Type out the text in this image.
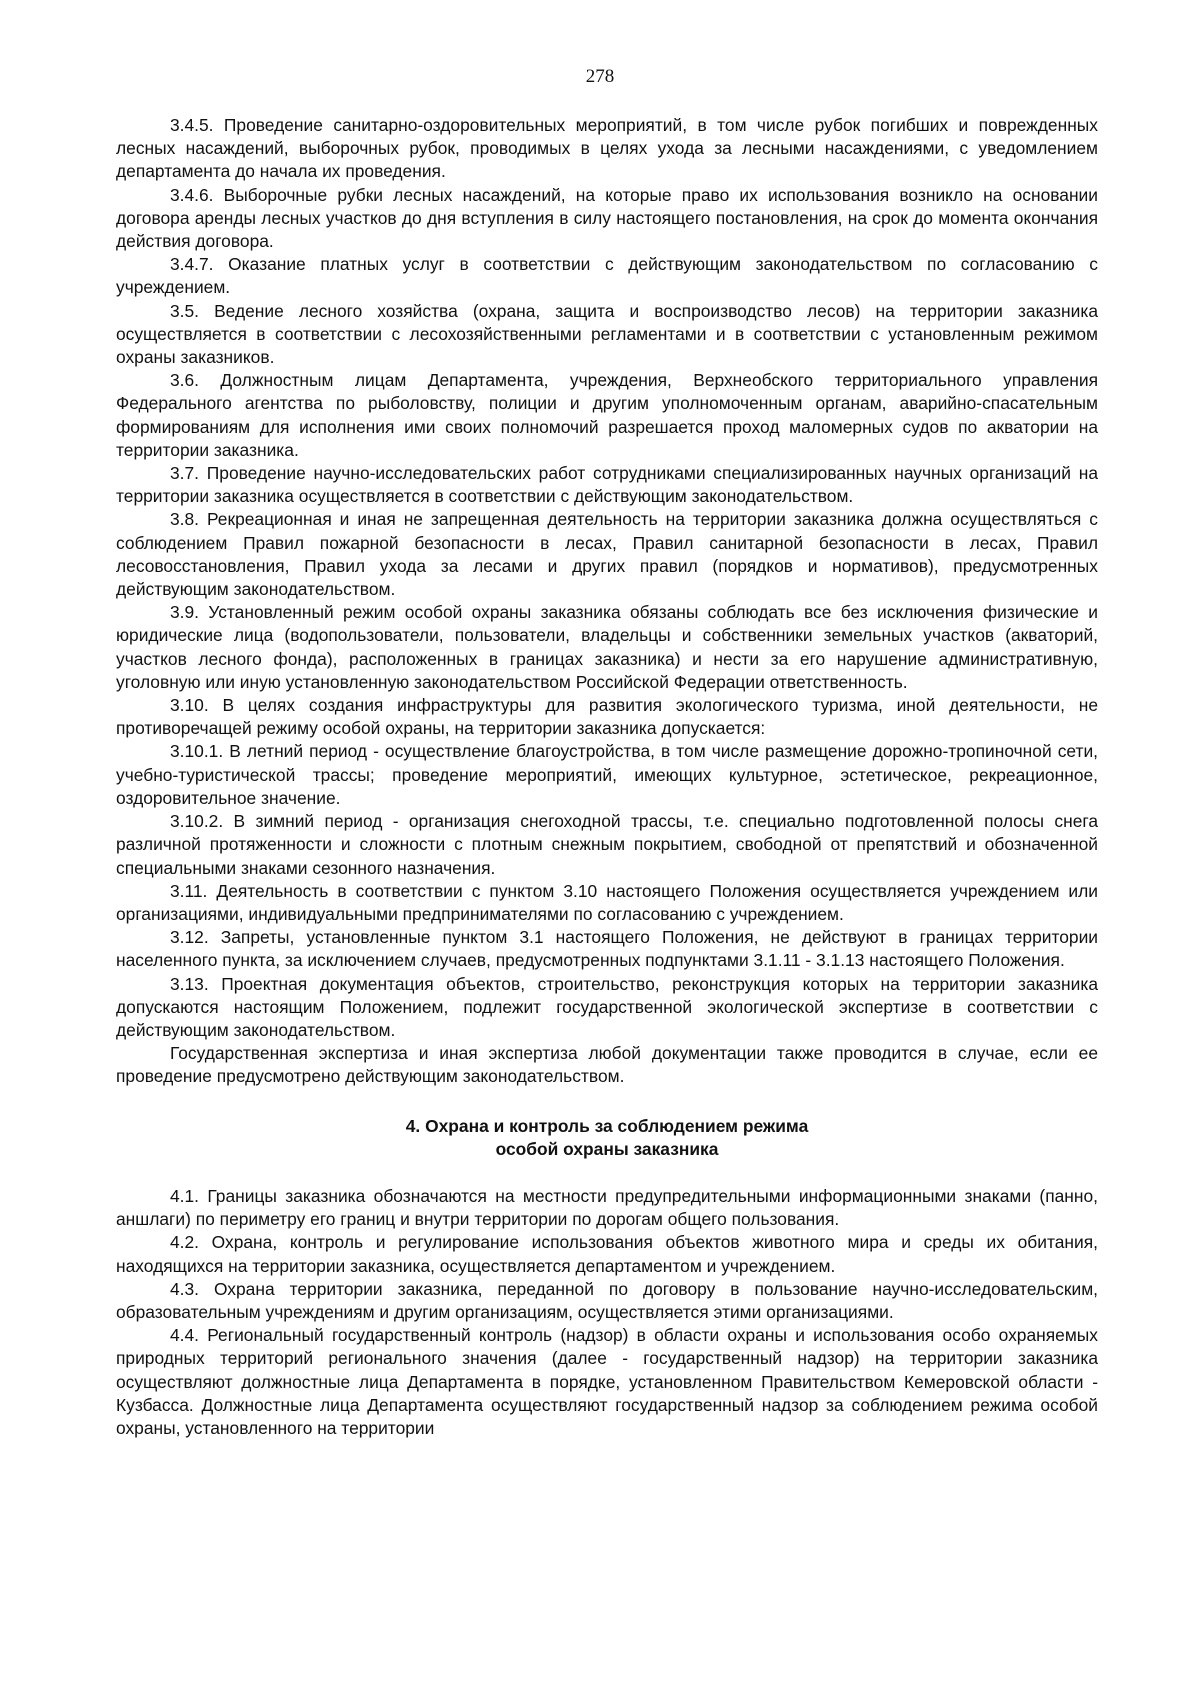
278

3.4.5. Проведение санитарно-оздоровительных мероприятий, в том числе рубок погибших и поврежденных лесных насаждений, выборочных рубок, проводимых в целях ухода за лесными насаждениями, с уведомлением департамента до начала их проведения.

3.4.6. Выборочные рубки лесных насаждений, на которые право их использования возникло на основании договора аренды лесных участков до дня вступления в силу настоящего постановления, на срок до момента окончания действия договора.

3.4.7. Оказание платных услуг в соответствии с действующим законодательством по согласованию с учреждением.

3.5. Ведение лесного хозяйства (охрана, защита и воспроизводство лесов) на территории заказника осуществляется в соответствии с лесохозяйственными регламентами и в соответствии с установленным режимом охраны заказников.

3.6. Должностным лицам Департамента, учреждения, Верхнеобского территориального управления Федерального агентства по рыболовству, полиции и другим уполномоченным органам, аварийно-спасательным формированиям для исполнения ими своих полномочий разрешается проход маломерных судов по акватории на территории заказника.

3.7. Проведение научно-исследовательских работ сотрудниками специализированных научных организаций на территории заказника осуществляется в соответствии с действующим законодательством.

3.8. Рекреационная и иная не запрещенная деятельность на территории заказника должна осуществляться с соблюдением Правил пожарной безопасности в лесах, Правил санитарной безопасности в лесах, Правил лесовосстановления, Правил ухода за лесами и других правил (порядков и нормативов), предусмотренных действующим законодательством.

3.9. Установленный режим особой охраны заказника обязаны соблюдать все без исключения физические и юридические лица (водопользователи, пользователи, владельцы и собственники земельных участков (акваторий, участков лесного фонда), расположенных в границах заказника) и нести за его нарушение административную, уголовную или иную установленную законодательством Российской Федерации ответственность.

3.10. В целях создания инфраструктуры для развития экологического туризма, иной деятельности, не противоречащей режиму особой охраны, на территории заказника допускается:

3.10.1. В летний период - осуществление благоустройства, в том числе размещение дорожно-тропиночной сети, учебно-туристической трассы; проведение мероприятий, имеющих культурное, эстетическое, рекреационное, оздоровительное значение.

3.10.2. В зимний период - организация снегоходной трассы, т.е. специально подготовленной полосы снега различной протяженности и сложности с плотным снежным покрытием, свободной от препятствий и обозначенной специальными знаками сезонного назначения.

3.11. Деятельность в соответствии с пунктом 3.10 настоящего Положения осуществляется учреждением или организациями, индивидуальными предпринимателями по согласованию с учреждением.

3.12. Запреты, установленные пунктом 3.1 настоящего Положения, не действуют в границах территории населенного пункта, за исключением случаев, предусмотренных подпунктами 3.1.11 - 3.1.13 настоящего Положения.

3.13. Проектная документация объектов, строительство, реконструкция которых на территории заказника допускаются настоящим Положением, подлежит государственной экологической экспертизе в соответствии с действующим законодательством.

Государственная экспертиза и иная экспертиза любой документации также проводится в случае, если ее проведение предусмотрено действующим законодательством.

4. Охрана и контроль за соблюдением режима
особой охраны заказника

4.1. Границы заказника обозначаются на местности предупредительными информационными знаками (панно, аншлаги) по периметру его границ и внутри территории по дорогам общего пользования.

4.2. Охрана, контроль и регулирование использования объектов животного мира и среды их обитания, находящихся на территории заказника, осуществляется департаментом и учреждением.

4.3. Охрана территории заказника, переданной по договору в пользование научно-исследовательским, образовательным учреждениям и другим организациям, осуществляется этими организациями.

4.4. Региональный государственный контроль (надзор) в области охраны и использования особо охраняемых природных территорий регионального значения (далее - государственный надзор) на территории заказника осуществляют должностные лица Департамента в порядке, установленном Правительством Кемеровской области - Кузбасса. Должностные лица Департамента осуществляют государственный надзор за соблюдением режима особой охраны, установленного на территории
